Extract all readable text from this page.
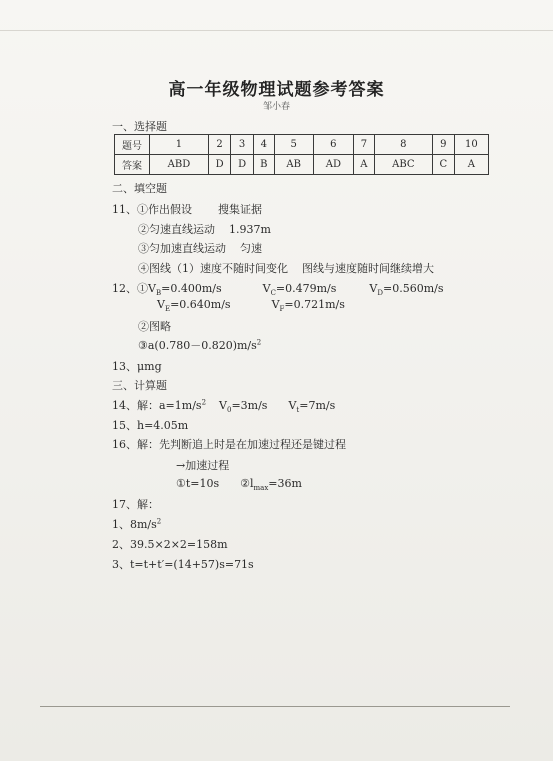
高一年级物理试题参考答案
邹小春
一、选择题
题号	1	2	3	4	5	6	7	8	9	10
答案	ABD	D	D	B	AB	AD	A	ABC	C	A
二、填空题
11、①作出假设 搜集证据
②匀速直线运动 1.937m
③匀加速直线运动 匀速
④图线（1）速度不随时间变化 图线与速度随时间继续增大
12、$①V_B=0.400m/s$	$V_C=0.479m/s$	$V_D=0.560m/s$
$V_E=0.640m/s$	$V_F=0.721m/s$
②图略
$③a(0.780-0.820)m/s^2$
13、μmg
三、计算题
14、解：$a=1m/s^2$ $V_0=3m/s$ $V_t=7m/s$
15、h=4.05m
16、解：先判断追上时是在加速过程还是键过程
→加速过程
①t=10s $②l_{max}=36m$
17、解：
1、$8m/s^2$
2、39.5×2×2=158m
3、t=t+t′=(14+57)s=71s
